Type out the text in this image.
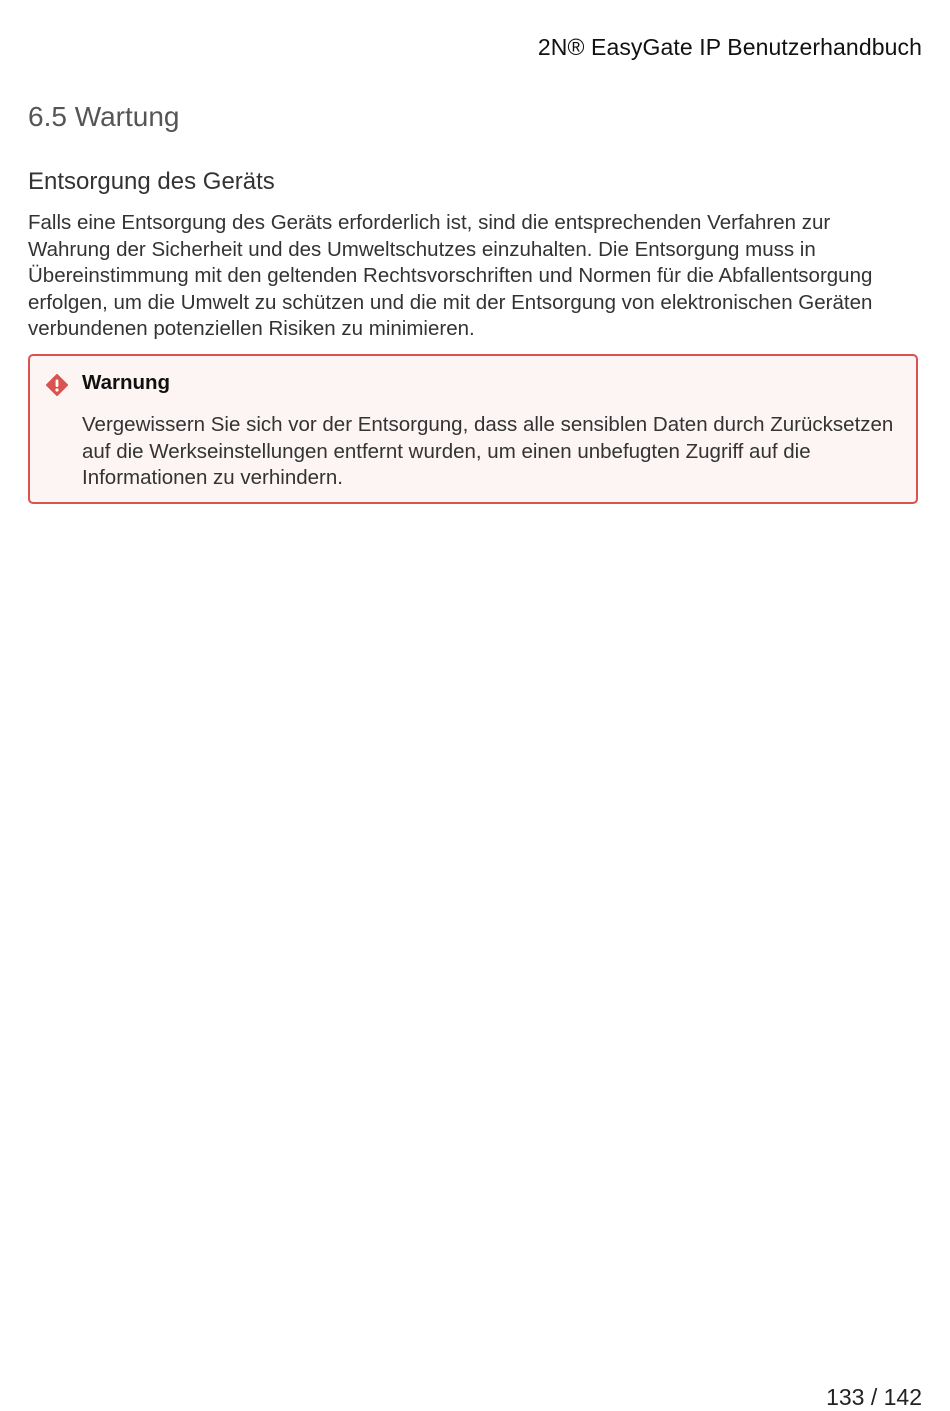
2N® EasyGate IP Benutzerhandbuch
6.5 Wartung
Entsorgung des Geräts

Falls eine Entsorgung des Geräts erforderlich ist, sind die entsprechenden Verfahren zur Wahrung der Sicherheit und des Umweltschutzes einzuhalten. Die Entsorgung muss in Übereinstimmung mit den geltenden Rechtsvorschriften und Normen für die Abfallentsorgung erfolgen, um die Umwelt zu schützen und die mit der Entsorgung von elektronischen Geräten verbundenen potenziellen Risiken zu minimieren.

Warnung

Vergewissern Sie sich vor der Entsorgung, dass alle sensiblen Daten durch Zurücksetzen auf die Werkseinstellungen entfernt wurden, um einen unbefugten Zugriff auf die Informationen zu verhindern.

133 / 142
